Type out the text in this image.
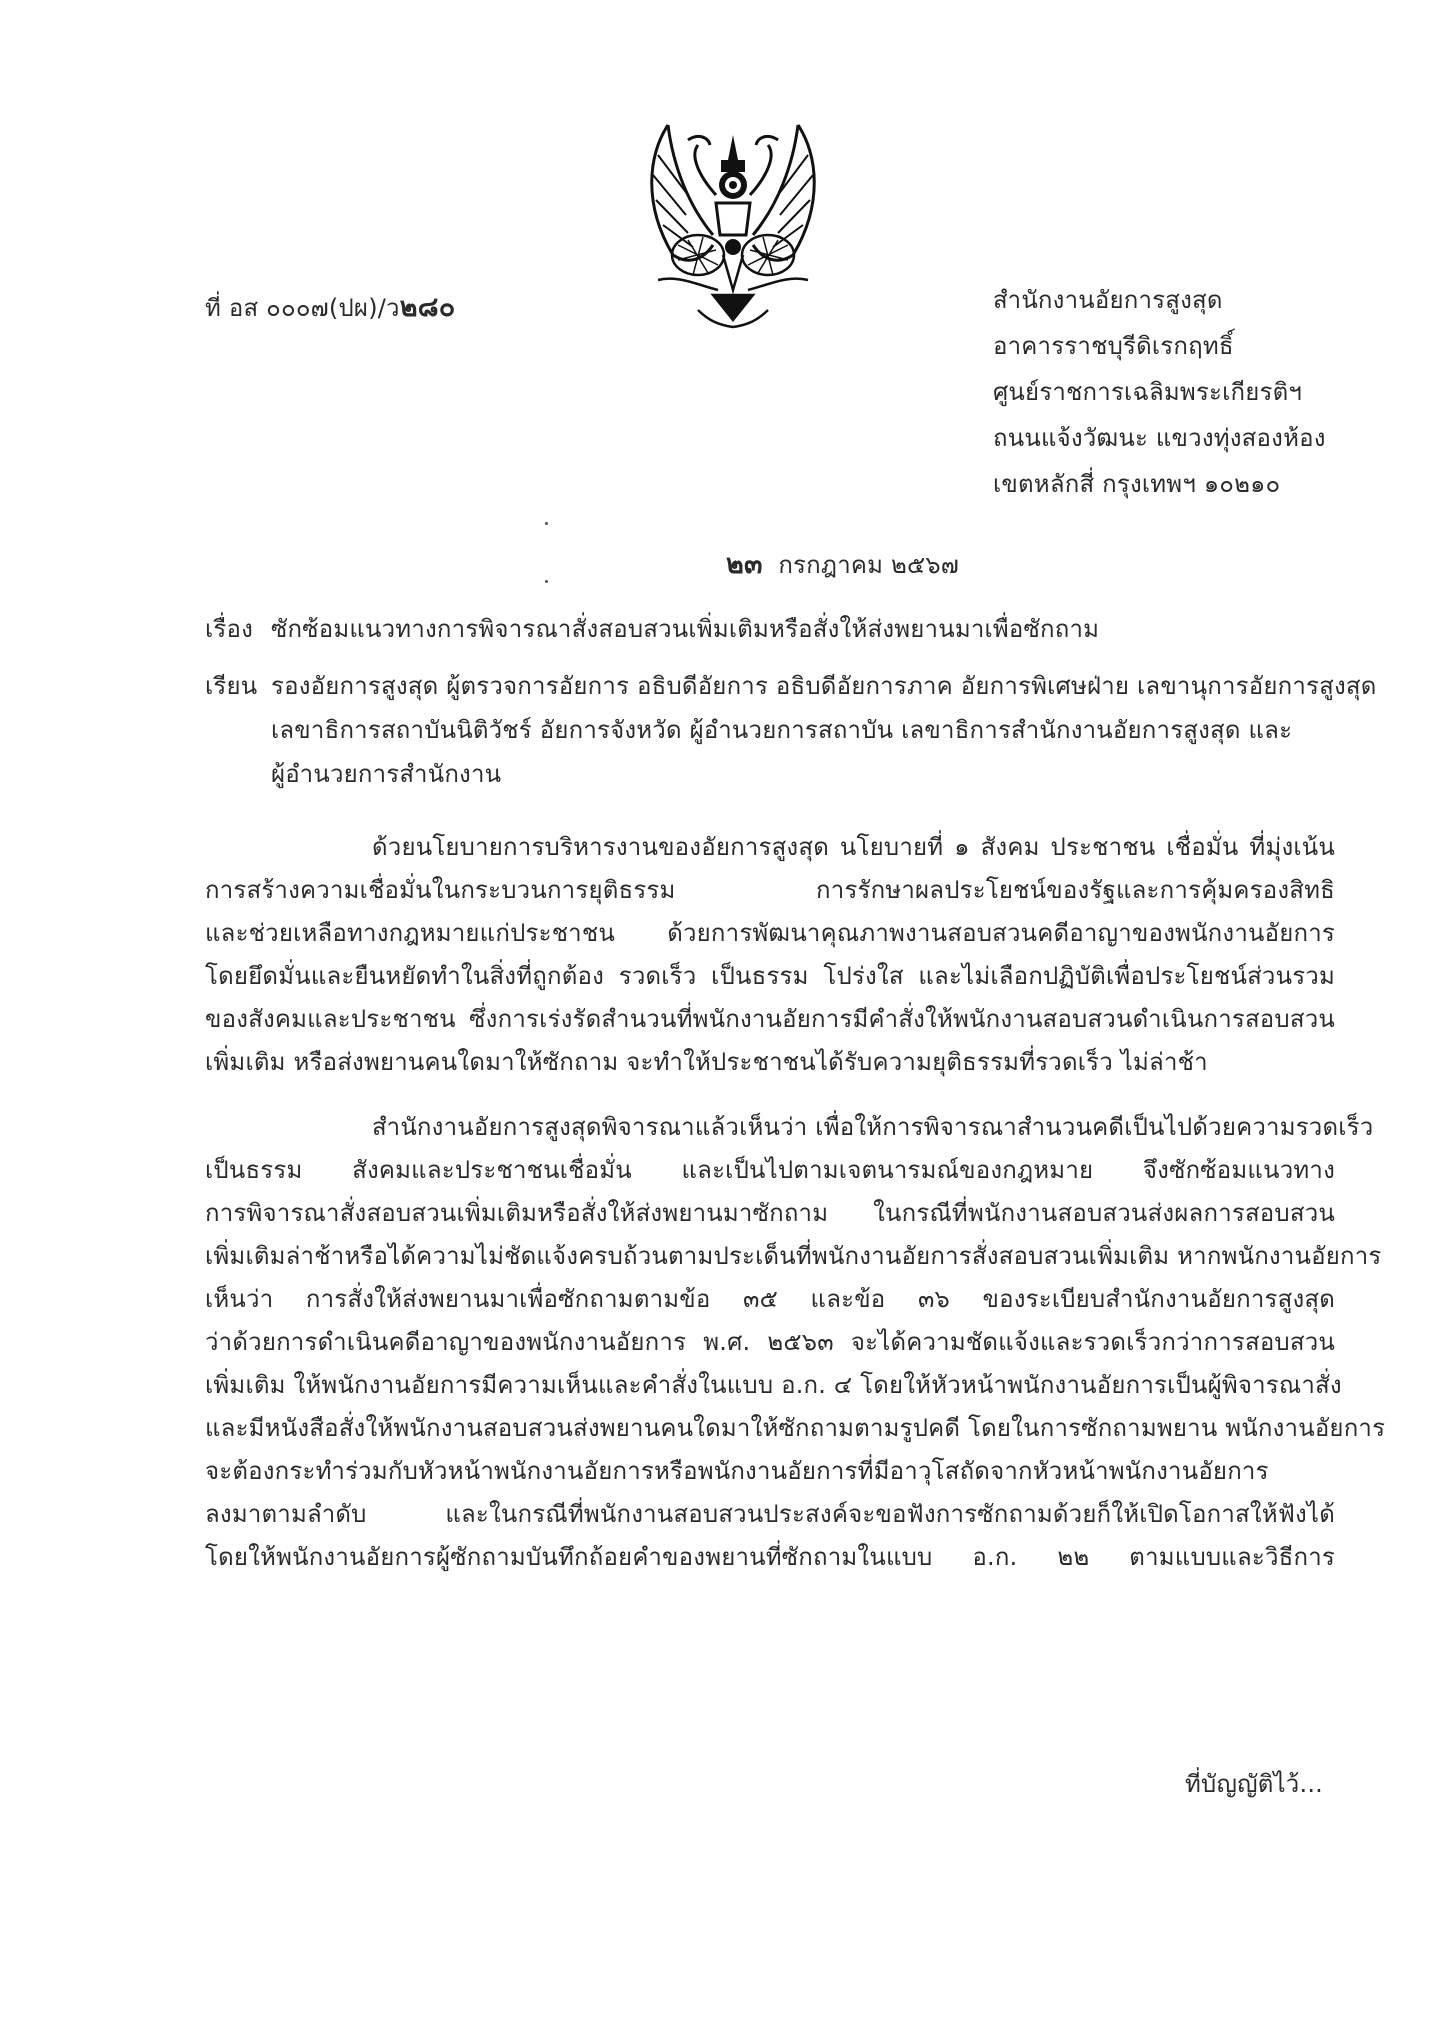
ที่ อส ๐๐๐๗(ปผ)/ว๒๘๐	สำนักงานอัยการสูงสุด
อาคารราชบุรีดิเรกฤทธิ์
ศูนย์ราชการเฉลิมพระเกียรติฯ
ถนนแจ้งวัฒนะ แขวงทุ่งสองห้อง
เขตหลักสี่ กรุงเทพฯ ๑๐๒๑๐
๒๓ กรกฎาคม ๒๕๖๗
เรื่อง ซักซ้อมแนวทางการพิจารณาสั่งสอบสวนเพิ่มเติมหรือสั่งให้ส่งพยานมาเพื่อซักถาม
เรียน รองอัยการสูงสุด ผู้ตรวจการอัยการ อธิบดีอัยการ อธิบดีอัยการภาค อัยการพิเศษฝ่าย เลขานุการอัยการสูงสุด
เลขาธิการสถาบันนิติวัชร์ อัยการจังหวัด ผู้อำนวยการสถาบัน เลขาธิการสำนักงานอัยการสูงสุด และ
ผู้อำนวยการสำนักงาน
ด้วยนโยบายการบริหารงานของอัยการสูงสุด นโยบายที่ ๑ สังคม ประชาชน เชื่อมั่น ที่มุ่งเน้น
การสร้างความเชื่อมั่นในกระบวนการยุติธรรม การรักษาผลประโยชน์ของรัฐและการคุ้มครองสิทธิ
และช่วยเหลือทางกฎหมายแก่ประชาชน ด้วยการพัฒนาคุณภาพงานสอบสวนคดีอาญาของพนักงานอัยการ
โดยยึดมั่นและยืนหยัดทำในสิ่งที่ถูกต้อง รวดเร็ว เป็นธรรม โปร่งใส และไม่เลือกปฏิบัติเพื่อประโยชน์ส่วนรวม
ของสังคมและประชาชน ซึ่งการเร่งรัดสำนวนที่พนักงานอัยการมีคำสั่งให้พนักงานสอบสวนดำเนินการสอบสวน
เพิ่มเติม หรือส่งพยานคนใดมาให้ซักถาม จะทำให้ประชาชนได้รับความยุติธรรมที่รวดเร็ว ไม่ล่าช้า
สำนักงานอัยการสูงสุดพิจารณาแล้วเห็นว่า เพื่อให้การพิจารณาสำนวนคดีเป็นไปด้วยความรวดเร็ว
เป็นธรรม สังคมและประชาชนเชื่อมั่น และเป็นไปตามเจตนารมณ์ของกฎหมาย จึงซักซ้อมแนวทาง
การพิจารณาสั่งสอบสวนเพิ่มเติมหรือสั่งให้ส่งพยานมาซักถาม ในกรณีที่พนักงานสอบสวนส่งผลการสอบสวน
เพิ่มเติมล่าช้าหรือได้ความไม่ชัดแจ้งครบถ้วนตามประเด็นที่พนักงานอัยการสั่งสอบสวนเพิ่มเติม หากพนักงานอัยการ
เห็นว่า การสั่งให้ส่งพยานมาเพื่อซักถามตามข้อ ๓๕ และข้อ ๓๖ ของระเบียบสำนักงานอัยการสูงสุด
ว่าด้วยการดำเนินคดีอาญาของพนักงานอัยการ พ.ศ. ๒๕๖๓ จะได้ความชัดแจ้งและรวดเร็วกว่าการสอบสวน
เพิ่มเติม ให้พนักงานอัยการมีความเห็นและคำสั่งในแบบ อ.ก. ๔ โดยให้หัวหน้าพนักงานอัยการเป็นผู้พิจารณาสั่ง
และมีหนังสือสั่งให้พนักงานสอบสวนส่งพยานคนใดมาให้ซักถามตามรูปคดี โดยในการซักถามพยาน พนักงานอัยการ
จะต้องกระทำร่วมกับหัวหน้าพนักงานอัยการหรือพนักงานอัยการที่มีอาวุโสถัดจากหัวหน้าพนักงานอัยการ
ลงมาตามลำดับ และในกรณีที่พนักงานสอบสวนประสงค์จะขอฟังการซักถามด้วยก็ให้เปิดโอกาสให้ฟังได้
โดยให้พนักงานอัยการผู้ซักถามบันทึกถ้อยคำของพยานที่ซักถามในแบบ อ.ก. ๒๒ ตามแบบและวิธีการ
ที่บัญญัติไว้...
